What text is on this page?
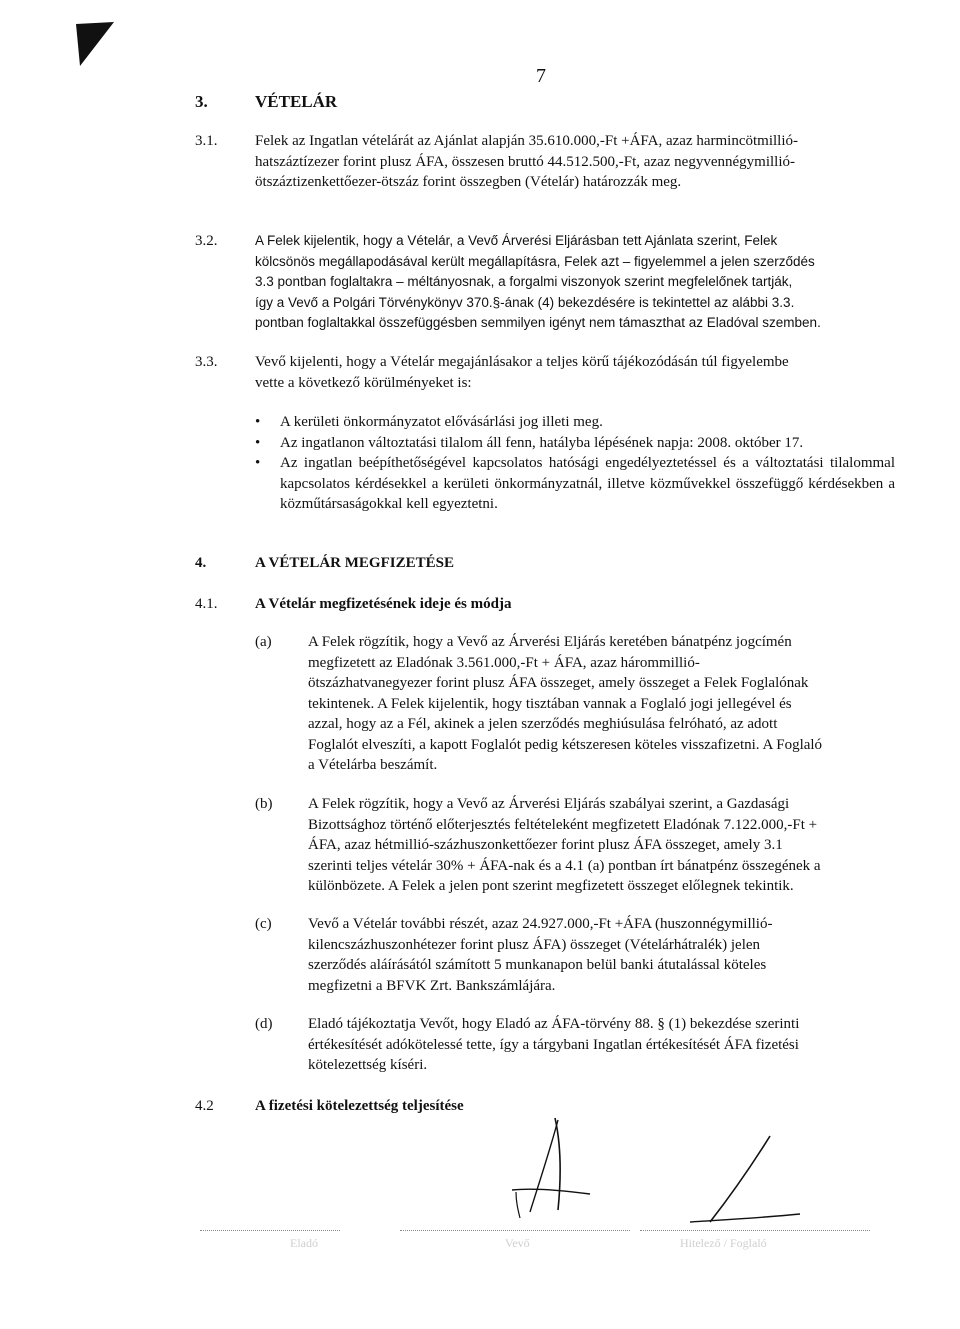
7
3.	VÉTELÁR
3.1.	Felek az Ingatlan vételárát az Ajánlat alapján 35.610.000,-Ft +ÁFA, azaz harmincötmillió-
hatszáztízezer forint plusz ÁFA, összesen bruttó 44.512.500,-Ft, azaz negyvennégymillió-
ötszáztizenkettőezer-ötszáz forint összegben (Vételár) határozzák meg.
3.2.	A Felek kijelentik, hogy a Vételár, a Vevő Árverési Eljárásban tett Ajánlata szerint, Felek
kölcsönös megállapodásával került megállapításra, Felek azt – figyelemmel a jelen szerződés
3.3 pontban foglaltakra – méltányosnak, a forgalmi viszonyok szerint megfelelőnek tartják,
így a Vevő a Polgári Törvénykönyv 370.§-ának (4) bekezdésére is tekintettel az alábbi 3.3.
pontban foglaltakkal összefüggésben semmilyen igényt nem támaszthat az Eladóval szemben.
3.3.	Vevő kijelenti, hogy a Vételár megajánlásakor a teljes körű tájékozódásán túl figyelembe
vette a következő körülményeket is:
• A kerületi önkormányzatot elővásárlási jog illeti meg.
• Az ingatlanon változtatási tilalom áll fenn, hatályba lépésének napja: 2008. október 17.
• Az ingatlan beépíthetőségével kapcsolatos hatósági engedélyeztetéssel és a változtatási tilalommal kapcsolatos kérdésekkel a kerületi önkormányzatnál, illetve közművekkel összefüggő kérdésekben a közműtársaságokkal kell egyeztetni.
4.	A VÉTELÁR MEGFIZETÉSE
4.1.	A Vételár megfizetésének ideje és módja
(a) A Felek rögzítik, hogy a Vevő az Árverési Eljárás keretében bánatpénz jogcímén
megfizetett az Eladónak 3.561.000,-Ft + ÁFA, azaz hárommillió-
ötszázhatvanegyezer forint plusz ÁFA összeget, amely összeget a Felek Foglalónak
tekintenek. A Felek kijelentik, hogy tisztában vannak a Foglaló jogi jellegével és
azzal, hogy az a Fél, akinek a jelen szerződés meghiúsulása felróható, az adott
Foglalót elveszíti, a kapott Foglalót pedig kétszeresen köteles visszafizetni. A Foglaló
a Vételárba beszámít.
(b) A Felek rögzítik, hogy a Vevő az Árverési Eljárás szabályai szerint, a Gazdasági
Bizottsághoz történő előterjesztés feltételeként megfizetett Eladónak 7.122.000,-Ft +
ÁFA, azaz hétmillió-százhuszonkettőezer forint plusz ÁFA összeget, amely 3.1
szerinti teljes vételár 30% + ÁFA-nak és a 4.1 (a) pontban írt bánatpénz összegének a
különbözete. A Felek a jelen pont szerint megfizetett összeget előlegnek tekintik.
(c) Vevő a Vételár további részét, azaz 24.927.000,-Ft +ÁFA (huszonnégymillió-
kilencszázhuszonhétezer forint plusz ÁFA) összeget (Vételárhátralék) jelen
szerződés aláírásától számított 5 munkanapon belül banki átutalással köteles
megfizetni a BFVK Zrt. Bankszámlájára.
(d) Eladó tájékoztatja Vevőt, hogy Eladó az ÁFA-törvény 88. § (1) bekezdése szerinti
értékesítését adókötelessé tette, így a tárgybani Ingatlan értékesítését ÁFA fizetési
kötelezettség kíséri.
4.2	A fizetési kötelezettség teljesítése
Eladó	Vevő	Hitelező / Foglaló
